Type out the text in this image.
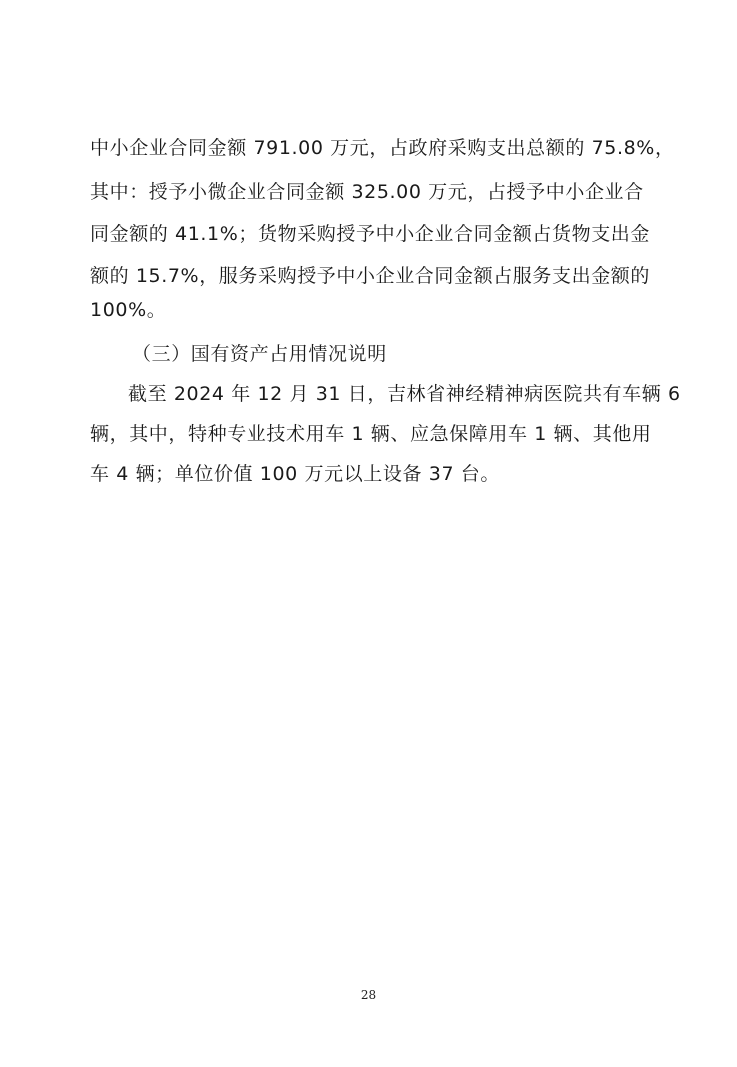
中小企业合同金额 791.00 万元，占政府采购支出总额的 75.8%，
其中：授予小微企业合同金额 325.00 万元，占授予中小企业合
同金额的 41.1%；货物采购授予中小企业合同金额占货物支出金
额的 15.7%，服务采购授予中小企业合同金额占服务支出金额的
100%。
（三）国有资产占用情况说明
截至 2024 年 12 月 31 日，吉林省神经精神病医院共有车辆 6
辆，其中，特种专业技术用车 1 辆、应急保障用车 1 辆、其他用
车 4 辆；单位价值 100 万元以上设备 37 台。
28
